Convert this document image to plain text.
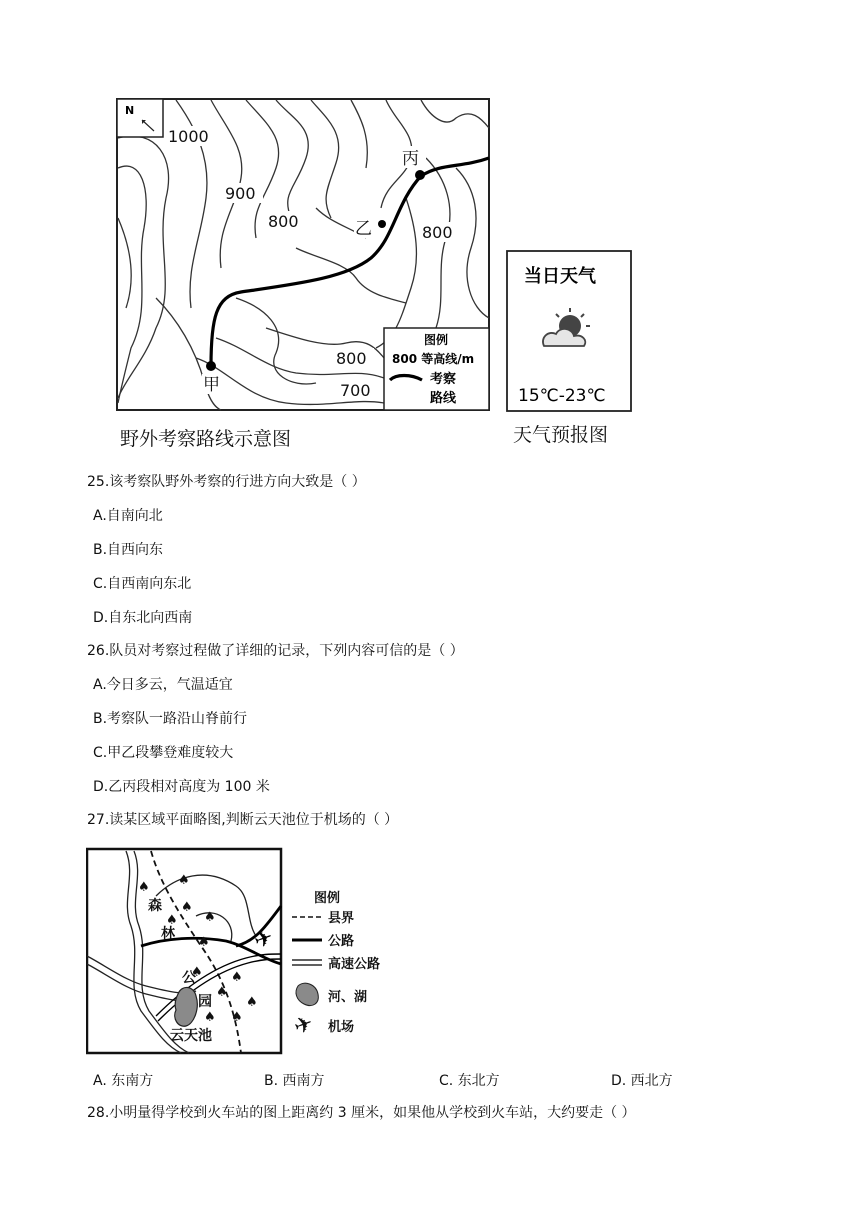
N
1000
900
800
800
800
700
甲
乙
丙
图例
800 等高线/m
考察
路线
野外考察路线示意图
当日天气
15℃-23℃
天气预报图
25.该考察队野外考察的行进方向大致是（ ）
A.自南向北
B.自西向东
C.自西南向东北
D.自东北向西南
26.队员对考察过程做了详细的记录，下列内容可信的是（ ）
A.今日多云，气温适宜
B.考察队一路沿山脊前行
C.甲乙段攀登难度较大
D.乙丙段相对高度为 100 米
27.读某区域平面略图,判断云天池位于机场的（ ）
✈
♠ ♠
♠
♠
♠
♠
♠
♠
♠
♠
♠
♠
森
林
公
园
云天池
图例
县界
公路
高速公路
河、湖
✈ 机场
A. 东南方	B. 西南方	C. 东北方	D. 西北方
28.小明量得学校到火车站的图上距离约 3 厘米，如果他从学校到火车站，大约要走（ ）
